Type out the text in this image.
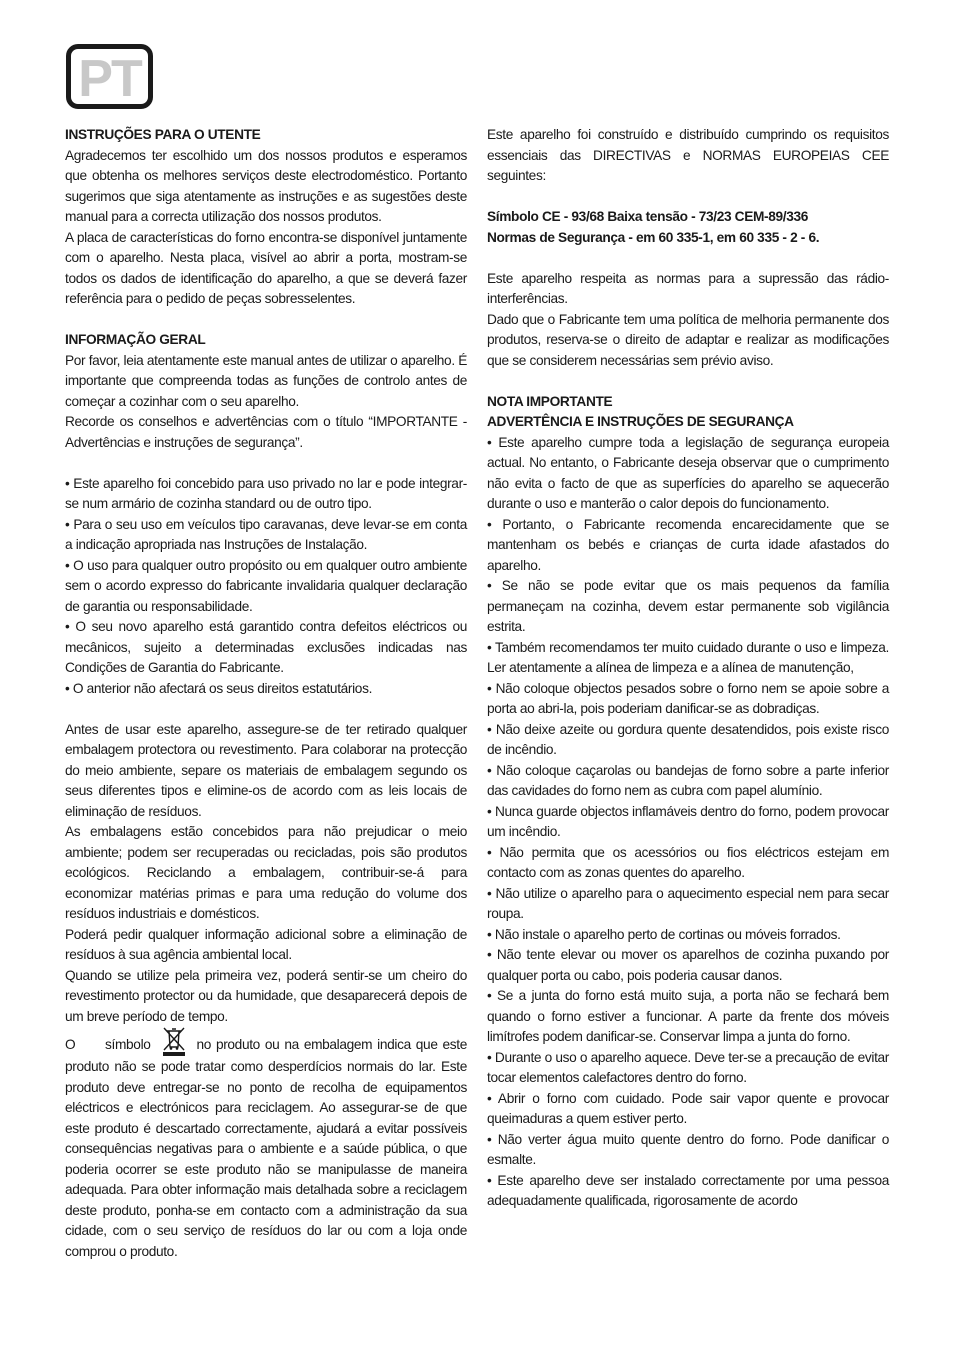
PT

INSTRUÇÕES PARA O UTENTE

Agradecemos ter escolhido um dos nossos produtos e esperamos que obtenha os melhores serviços deste electrodoméstico. Portanto sugerimos que siga atentamente as instruções e as sugestões deste manual para a correcta utilização dos nossos produtos.

A placa de características do forno encontra-se disponível juntamente com o aparelho. Nesta placa, visível ao abrir a porta, mostram-se todos os dados de identificação do aparelho, a que se deverá fazer referência para o pedido de peças sobresselentes.

INFORMAÇÃO GERAL

Por favor, leia atentamente este manual antes de utilizar o aparelho. É importante que compreenda todas as funções de controlo antes de começar a cozinhar com o seu aparelho.

Recorde os conselhos e advertências com o título “IMPORTANTE - Advertências e instruções de segurança”.

• Este aparelho foi concebido para uso privado no lar e pode integrar-se num armário de cozinha standard ou de outro tipo.

• Para o seu uso em veículos tipo caravanas, deve levar-se em conta a indicação apropriada nas Instruções de Instalação.

• O uso para qualquer outro propósito ou em qualquer outro ambiente sem o acordo expresso do fabricante invalidaria qualquer declaração de garantia ou responsabilidade.

• O seu novo aparelho está garantido contra defeitos eléctricos ou mecânicos, sujeito a determinadas exclusões indicadas nas Condições de Garantia do Fabricante.

• O anterior não afectará os seus direitos estatutários.

Antes de usar este aparelho, assegure-se de ter retirado qualquer embalagem protectora ou revestimento. Para colaborar na protecção do meio ambiente, separe os materiais de embalagem segundo os seus diferentes tipos e elimine-os de acordo com as leis locais de eliminação de resíduos.

As embalagens estão concebidos para não prejudicar o meio ambiente; podem ser recuperadas ou recicladas, pois são produtos ecológicos. Reciclando a embalagem, contribuir-se-á para economizar matérias primas e para uma redução do volume dos resíduos industriais e domésticos.

Poderá pedir qualquer informação adicional sobre a eliminação de resíduos à sua agência ambiental local.

Quando se utilize pela primeira vez, poderá sentir-se um cheiro do revestimento protector ou da humidade, que desaparecerá depois de um breve período de tempo.

O      símbolo	no produto ou na embalagem indica que este produto não se pode tratar como desperdícios normais do lar. Este produto deve entregar-se no ponto de recolha de equipamentos eléctricos e electrónicos para reciclagem. Ao assegurar-se de que este produto é descartado correctamente, ajudará a evitar possíveis consequências negativas para o ambiente e a saúde pública, o que poderia ocorrer se este produto não se manipulasse de maneira adequada. Para obter informação mais detalhada sobre a reciclagem deste produto, ponha-se em contacto com a administração da sua cidade, com o seu serviço de resíduos do lar ou com a loja onde comprou o produto.

Este aparelho foi construído e distribuído cumprindo os requisitos essenciais das DIRECTIVAS e NORMAS EUROPEIAS CEE seguintes:

Símbolo CE - 93/68 Baixa tensão - 73/23 CEM-89/336

Normas de Segurança - em 60 335-1, em 60 335 - 2 - 6.

Este aparelho respeita as normas para a supressão das rádio-interferências.

Dado que o Fabricante tem uma política de melhoria permanente dos produtos, reserva-se o direito de adaptar e realizar as modificações que se considerem necessárias sem prévio aviso.

NOTA IMPORTANTE

ADVERTÊNCIA E INSTRUÇÕES DE SEGURANÇA

• Este aparelho cumpre toda a legislação de segurança europeia actual. No entanto, o Fabricante deseja observar que o cumprimento não evita o facto de que as superfícies do aparelho se aquecerão durante o uso e manterão o calor depois do funcionamento.

• Portanto, o Fabricante recomenda encarecidamente que se mantenham os bebés e crianças de curta idade afastados do aparelho.

• Se não se pode evitar que os mais pequenos da família permaneçam na cozinha, devem estar permanente sob vigilância estrita.

• Também recomendamos ter muito cuidado durante o uso e limpeza. Ler atentamente a alínea de limpeza e a alínea de manutenção,

• Não coloque objectos pesados sobre o forno nem se apoie sobre a porta ao abri-la, pois poderiam danificar-se as dobradiças.

• Não deixe azeite ou gordura quente desatendidos, pois existe risco de incêndio.

• Não coloque caçarolas ou bandejas de forno sobre a parte inferior das cavidades do forno nem as cubra com papel alumínio.

• Nunca guarde objectos inflamáveis dentro do forno, podem provocar um incêndio.

• Não permita que os acessórios ou fios eléctricos estejam em contacto com as zonas quentes do aparelho.

• Não utilize o aparelho para o aquecimento especial nem para secar roupa.

• Não instale o aparelho perto de cortinas ou móveis forrados.

• Não tente elevar ou mover os aparelhos de cozinha puxando por qualquer porta ou cabo, pois poderia causar danos.

• Se a junta do forno está muito suja, a porta não se fechará bem quando o forno estiver a funcionar. A parte da frente dos móveis limítrofes podem danificar-se. Conservar limpa a junta do forno.

• Durante o uso o aparelho aquece. Deve ter-se a precaução de evitar tocar elementos calefactores dentro do forno.

• Abrir o forno com cuidado. Pode sair vapor quente e provocar queimaduras a quem estiver perto.

• Não verter água muito quente dentro do forno. Pode danificar o esmalte.

• Este aparelho deve ser instalado correctamente por uma pessoa adequadamente qualificada, rigorosamente de acordo
